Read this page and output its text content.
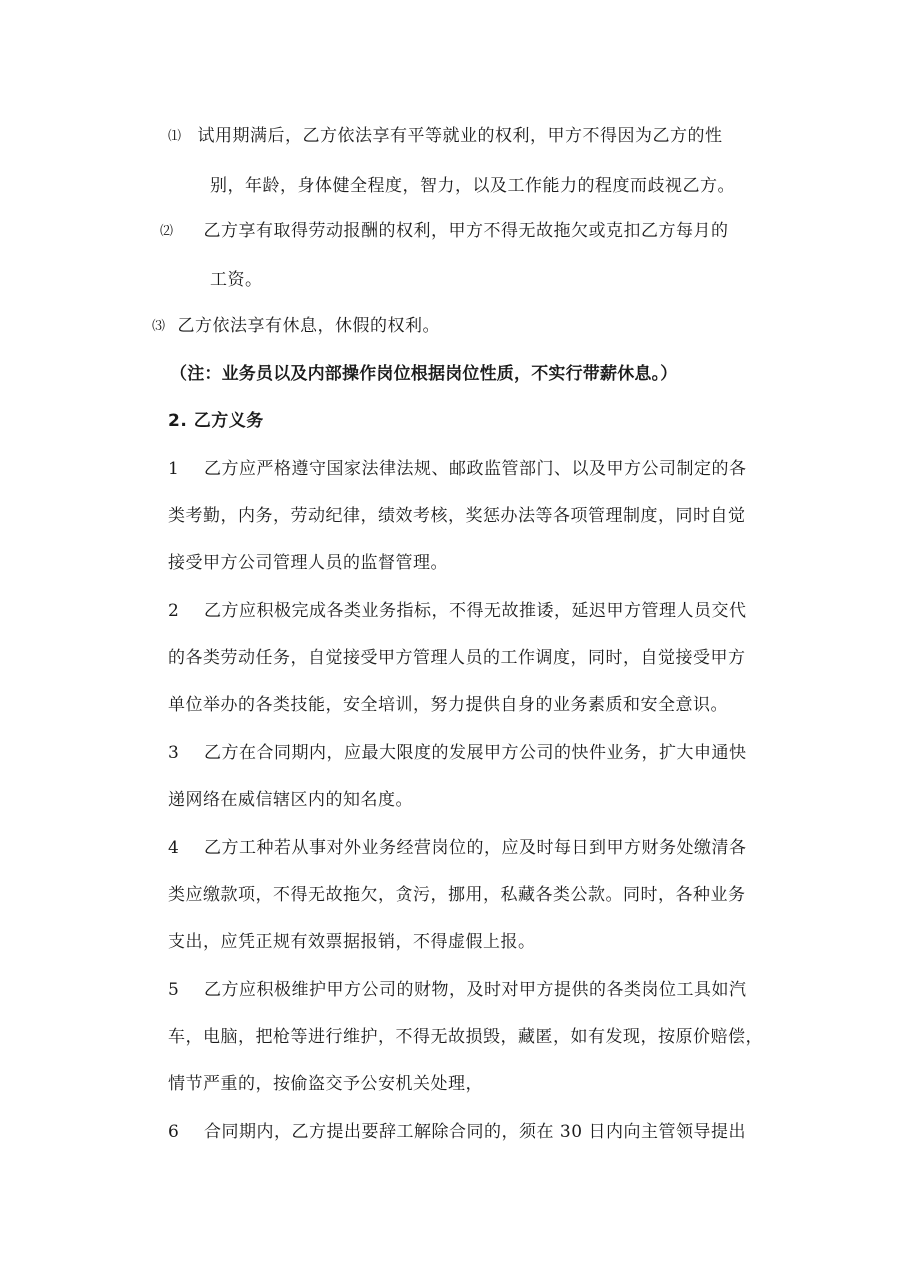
⑴ 试用期满后，乙方依法享有平等就业的权利，甲方不得因为乙方的性
别，年龄，身体健全程度，智力，以及工作能力的程度而歧视乙方。
⑵ 乙方享有取得劳动报酬的权利，甲方不得无故拖欠或克扣乙方每月的
工资。
⑶ 乙方依法享有休息，休假的权利。
（注：业务员以及内部操作岗位根据岗位性质，不实行带薪休息。）
2. 乙方义务
1 乙方应严格遵守国家法律法规、邮政监管部门、以及甲方公司制定的各
类考勤，内务，劳动纪律，绩效考核，奖惩办法等各项管理制度，同时自觉
接受甲方公司管理人员的监督管理。
2 乙方应积极完成各类业务指标，不得无故推诿，延迟甲方管理人员交代
的各类劳动任务，自觉接受甲方管理人员的工作调度，同时，自觉接受甲方
单位举办的各类技能，安全培训，努力提供自身的业务素质和安全意识。
3 乙方在合同期内，应最大限度的发展甲方公司的快件业务，扩大申通快
递网络在威信辖区内的知名度。
4 乙方工种若从事对外业务经营岗位的，应及时每日到甲方财务处缴清各
类应缴款项，不得无故拖欠，贪污，挪用，私藏各类公款。同时，各种业务
支出，应凭正规有效票据报销，不得虚假上报。
5 乙方应积极维护甲方公司的财物，及时对甲方提供的各类岗位工具如汽
车，电脑，把枪等进行维护，不得无故损毁，藏匿，如有发现，按原价赔偿，
情节严重的，按偷盗交予公安机关处理，
6 合同期内，乙方提出要辞工解除合同的，须在 30 日内向主管领导提出
